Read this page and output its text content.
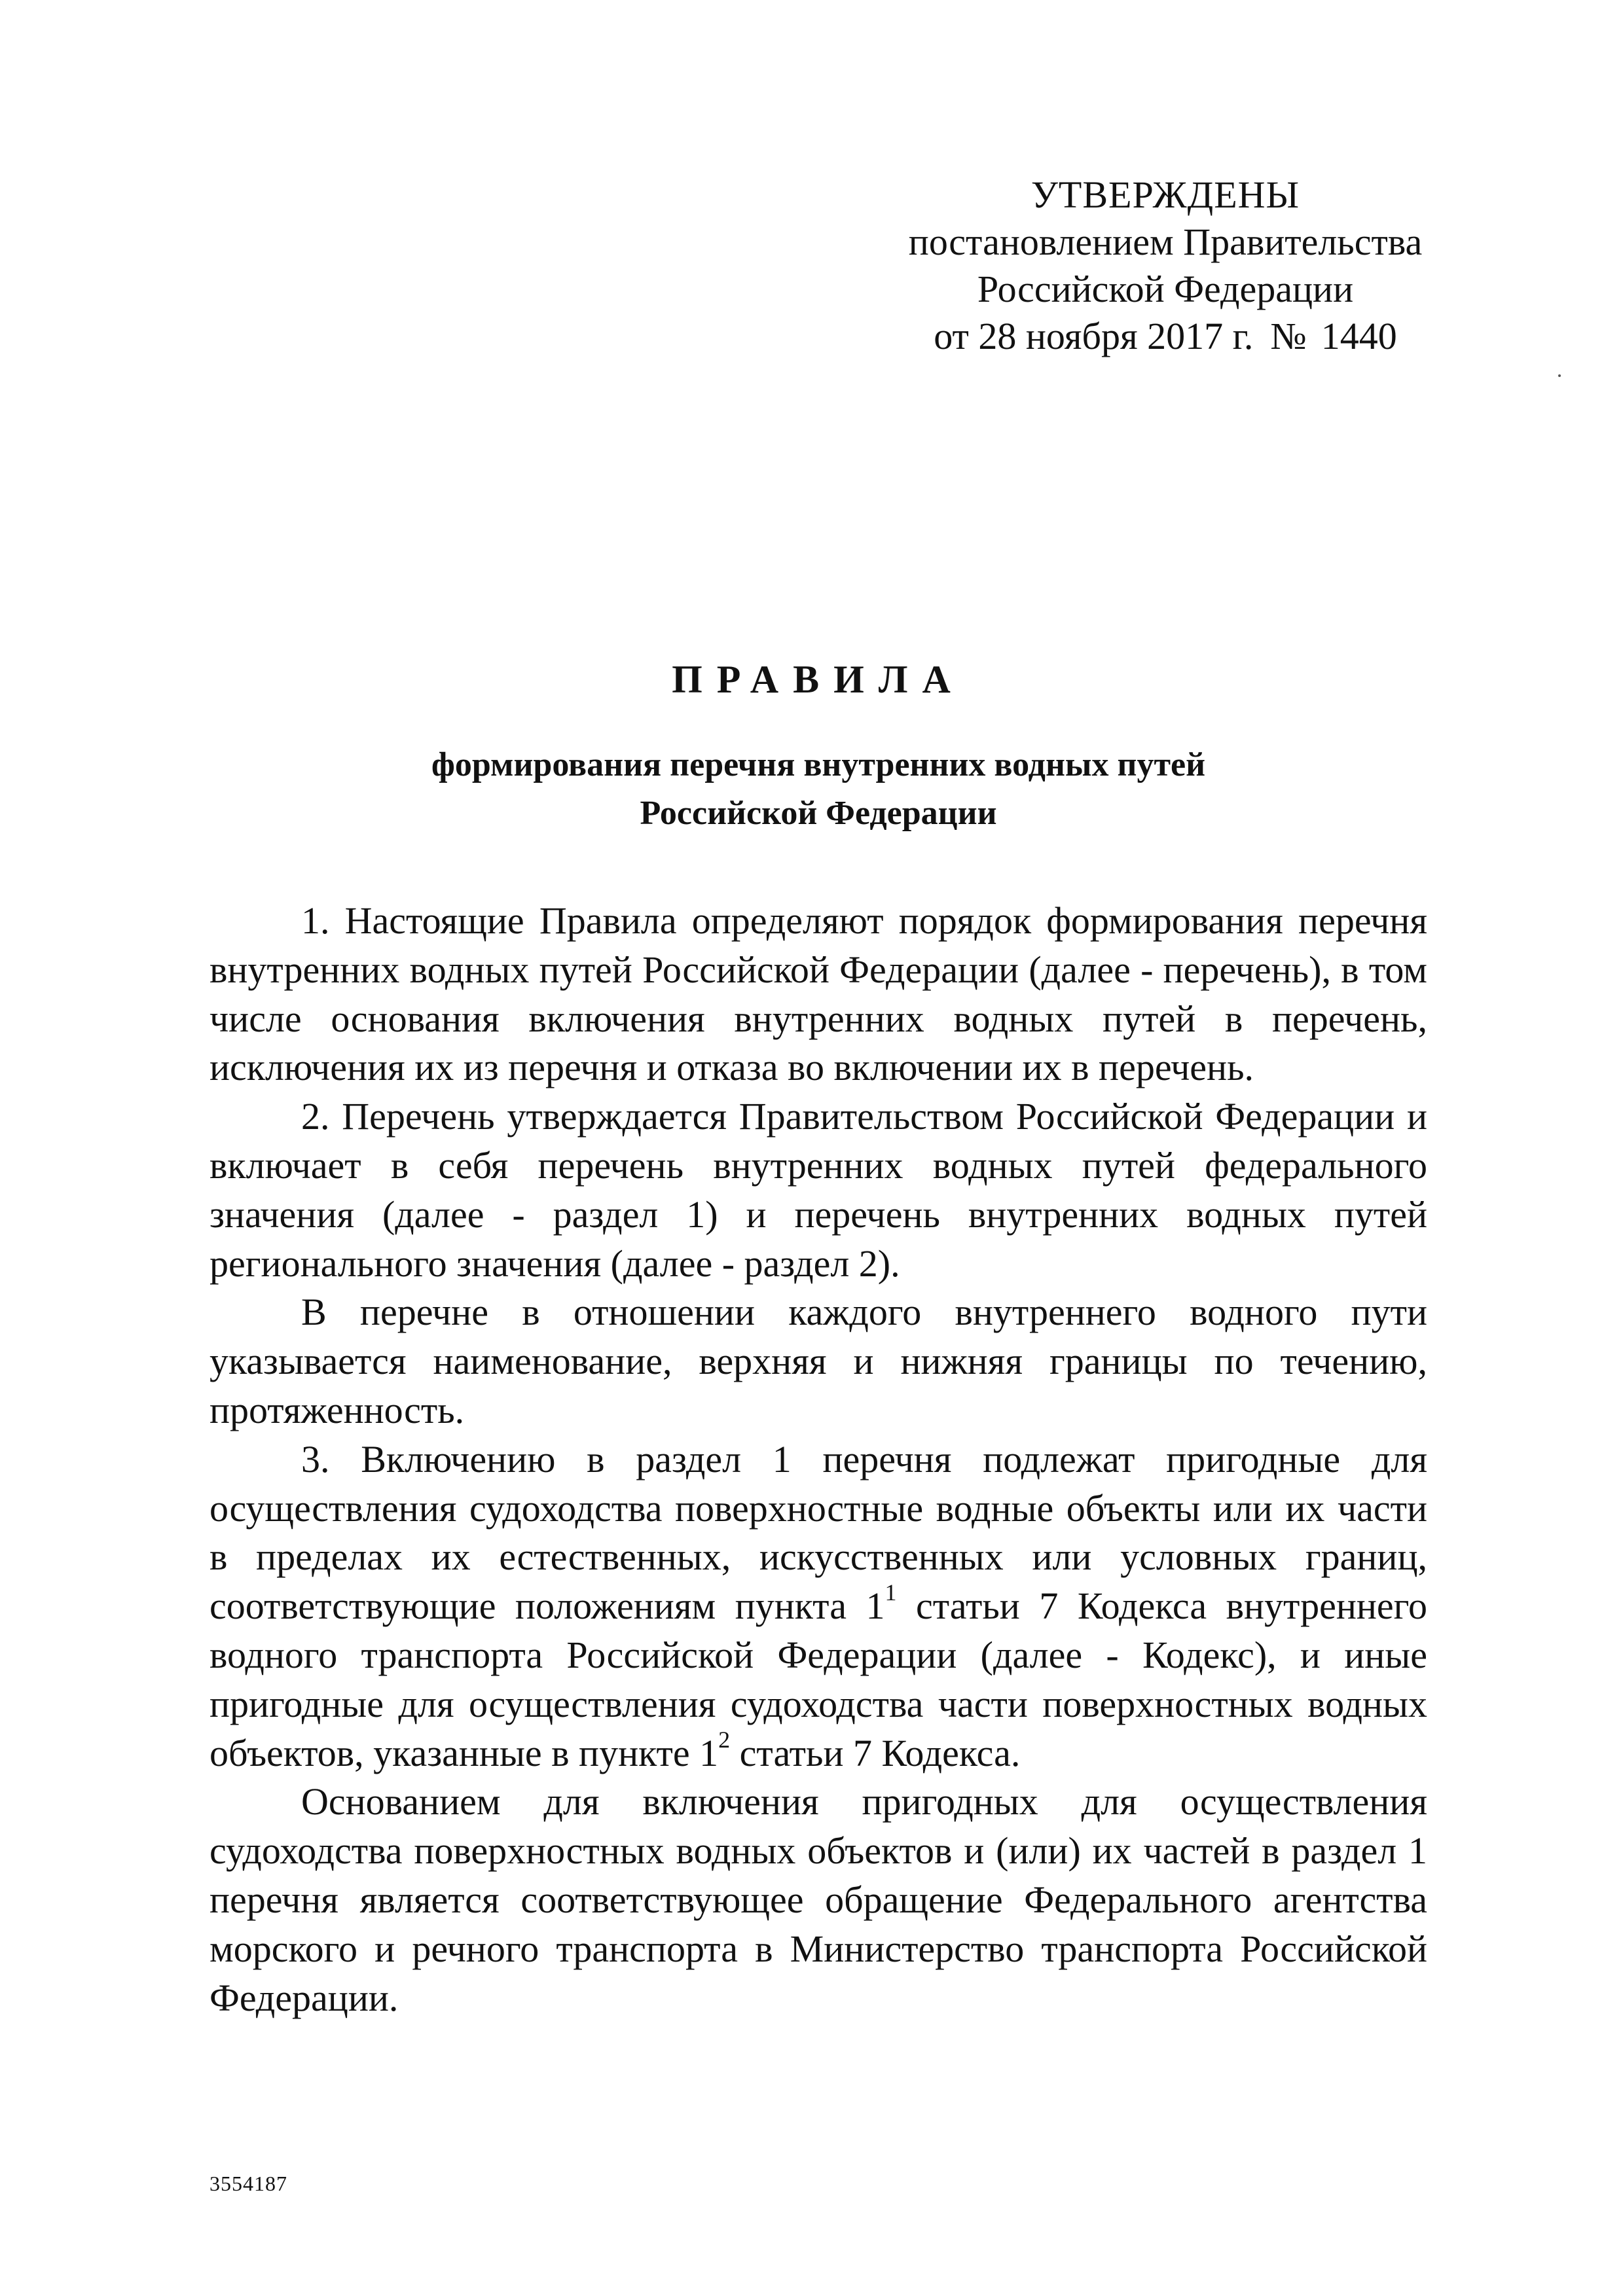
УТВЕРЖДЕНЫ
постановлением Правительства
Российской Федерации
от 28 ноября 2017 г. № 1440
ПРАВИЛА
формирования перечня внутренних водных путей
Российской Федерации

1. Настоящие Правила определяют порядок формирования перечня внутренних водных путей Российской Федерации (далее - перечень), в том числе основания включения внутренних водных путей в перечень, исключения их из перечня и отказа во включении их в перечень.

2. Перечень утверждается Правительством Российской Федерации и включает в себя перечень внутренних водных путей федерального значения (далее - раздел 1) и перечень внутренних водных путей регионального значения (далее - раздел 2).

В перечне в отношении каждого внутреннего водного пути указывается наименование, верхняя и нижняя границы по течению, протяженность.

3. Включению в раздел 1 перечня подлежат пригодные для осуществления судоходства поверхностные водные объекты или их части в пределах их естественных, искусственных или условных границ, соответствующие положениям пункта $1^1$ статьи 7 Кодекса внутреннего водного транспорта Российской Федерации (далее - Кодекс), и иные пригодные для осуществления судоходства части поверхностных водных объектов, указанные в пункте $1^2$ статьи 7 Кодекса.

Основанием для включения пригодных для осуществления судоходства поверхностных водных объектов и (или) их частей в раздел 1 перечня является соответствующее обращение Федерального агентства морского и речного транспорта в Министерство транспорта Российской Федерации.

3554187
